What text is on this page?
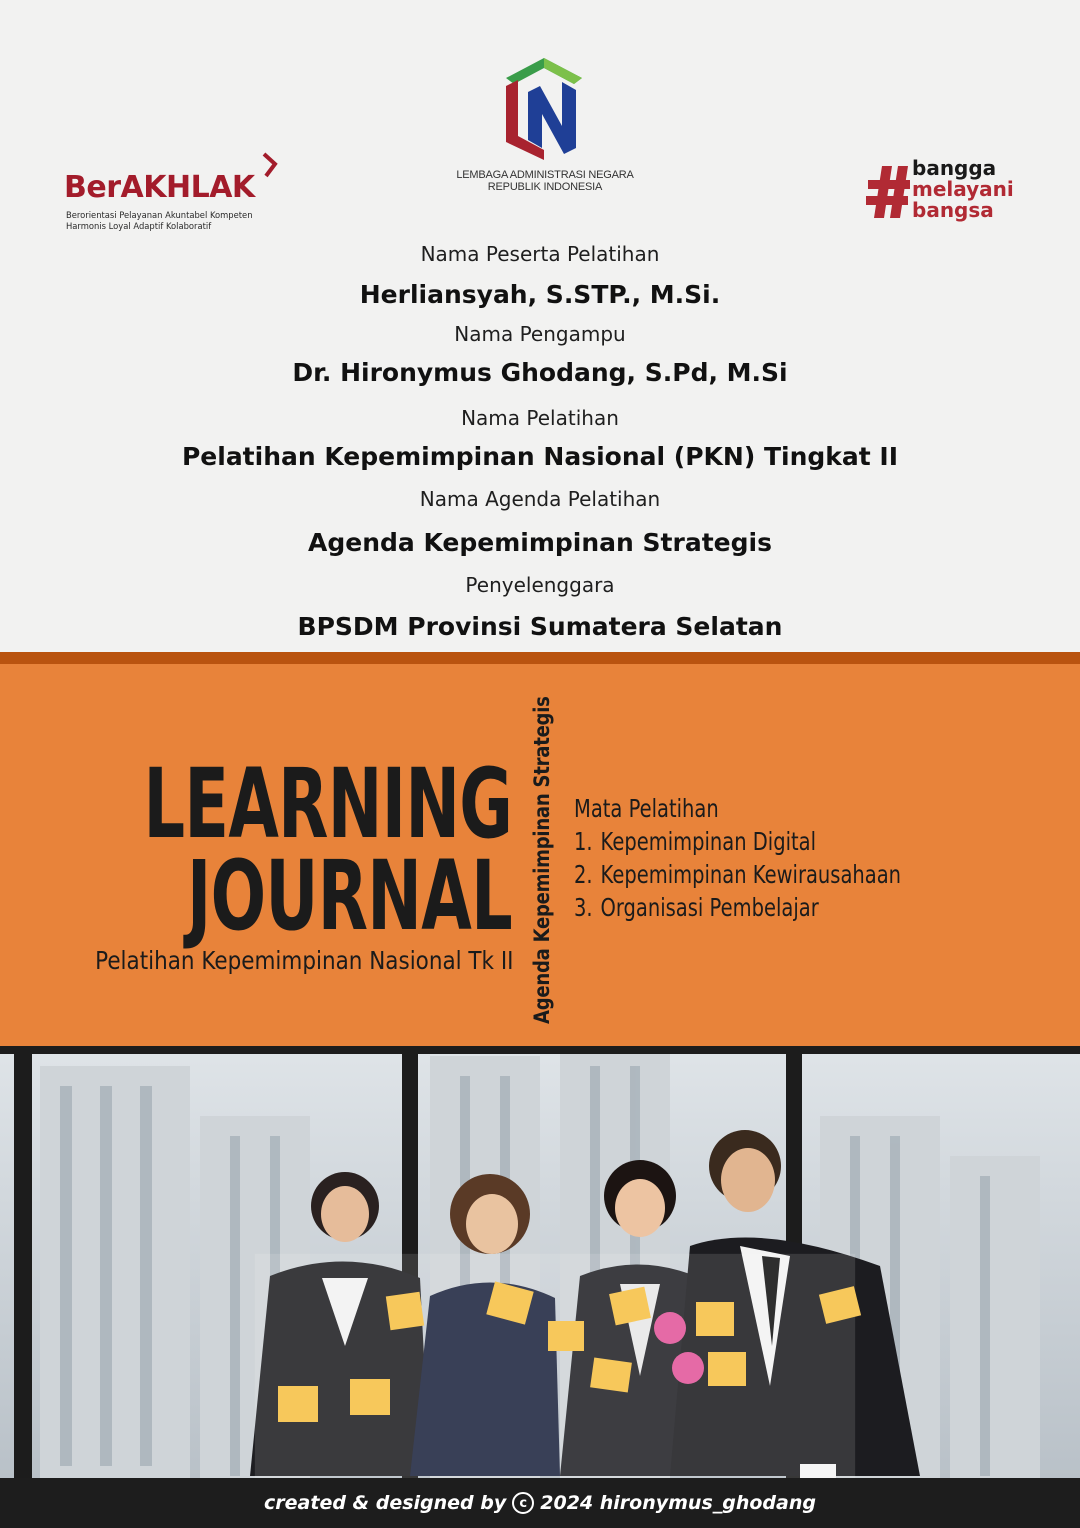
BerAKHLAK
Berorientasi Pelayanan Akuntabel Kompeten
Harmonis Loyal Adaptif Kolaboratif
LEMBAGA ADMINISTRASI NEGARA
REPUBLIK INDONESIA
bangga
melayani
bangsa
Nama Peserta Pelatihan
Herliansyah, S.STP., M.Si.
Nama Pengampu
Dr. Hironymus Ghodang, S.Pd, M.Si
Nama Pelatihan
Pelatihan Kepemimpinan Nasional (PKN) Tingkat II
Nama Agenda Pelatihan
Agenda Kepemimpinan Strategis
Penyelenggara
BPSDM Provinsi Sumatera Selatan
LEARNING
JOURNAL
Pelatihan Kepemimpinan Nasional Tk II Agenda Kepemimpinan Strategis Mata Pelatihan
1. Kepemimpinan Digital
2. Kepemimpinan Kewirausahaan
3. Organisasi Pembelajar
created & designed by	c 2024 hironymus_ghodang
